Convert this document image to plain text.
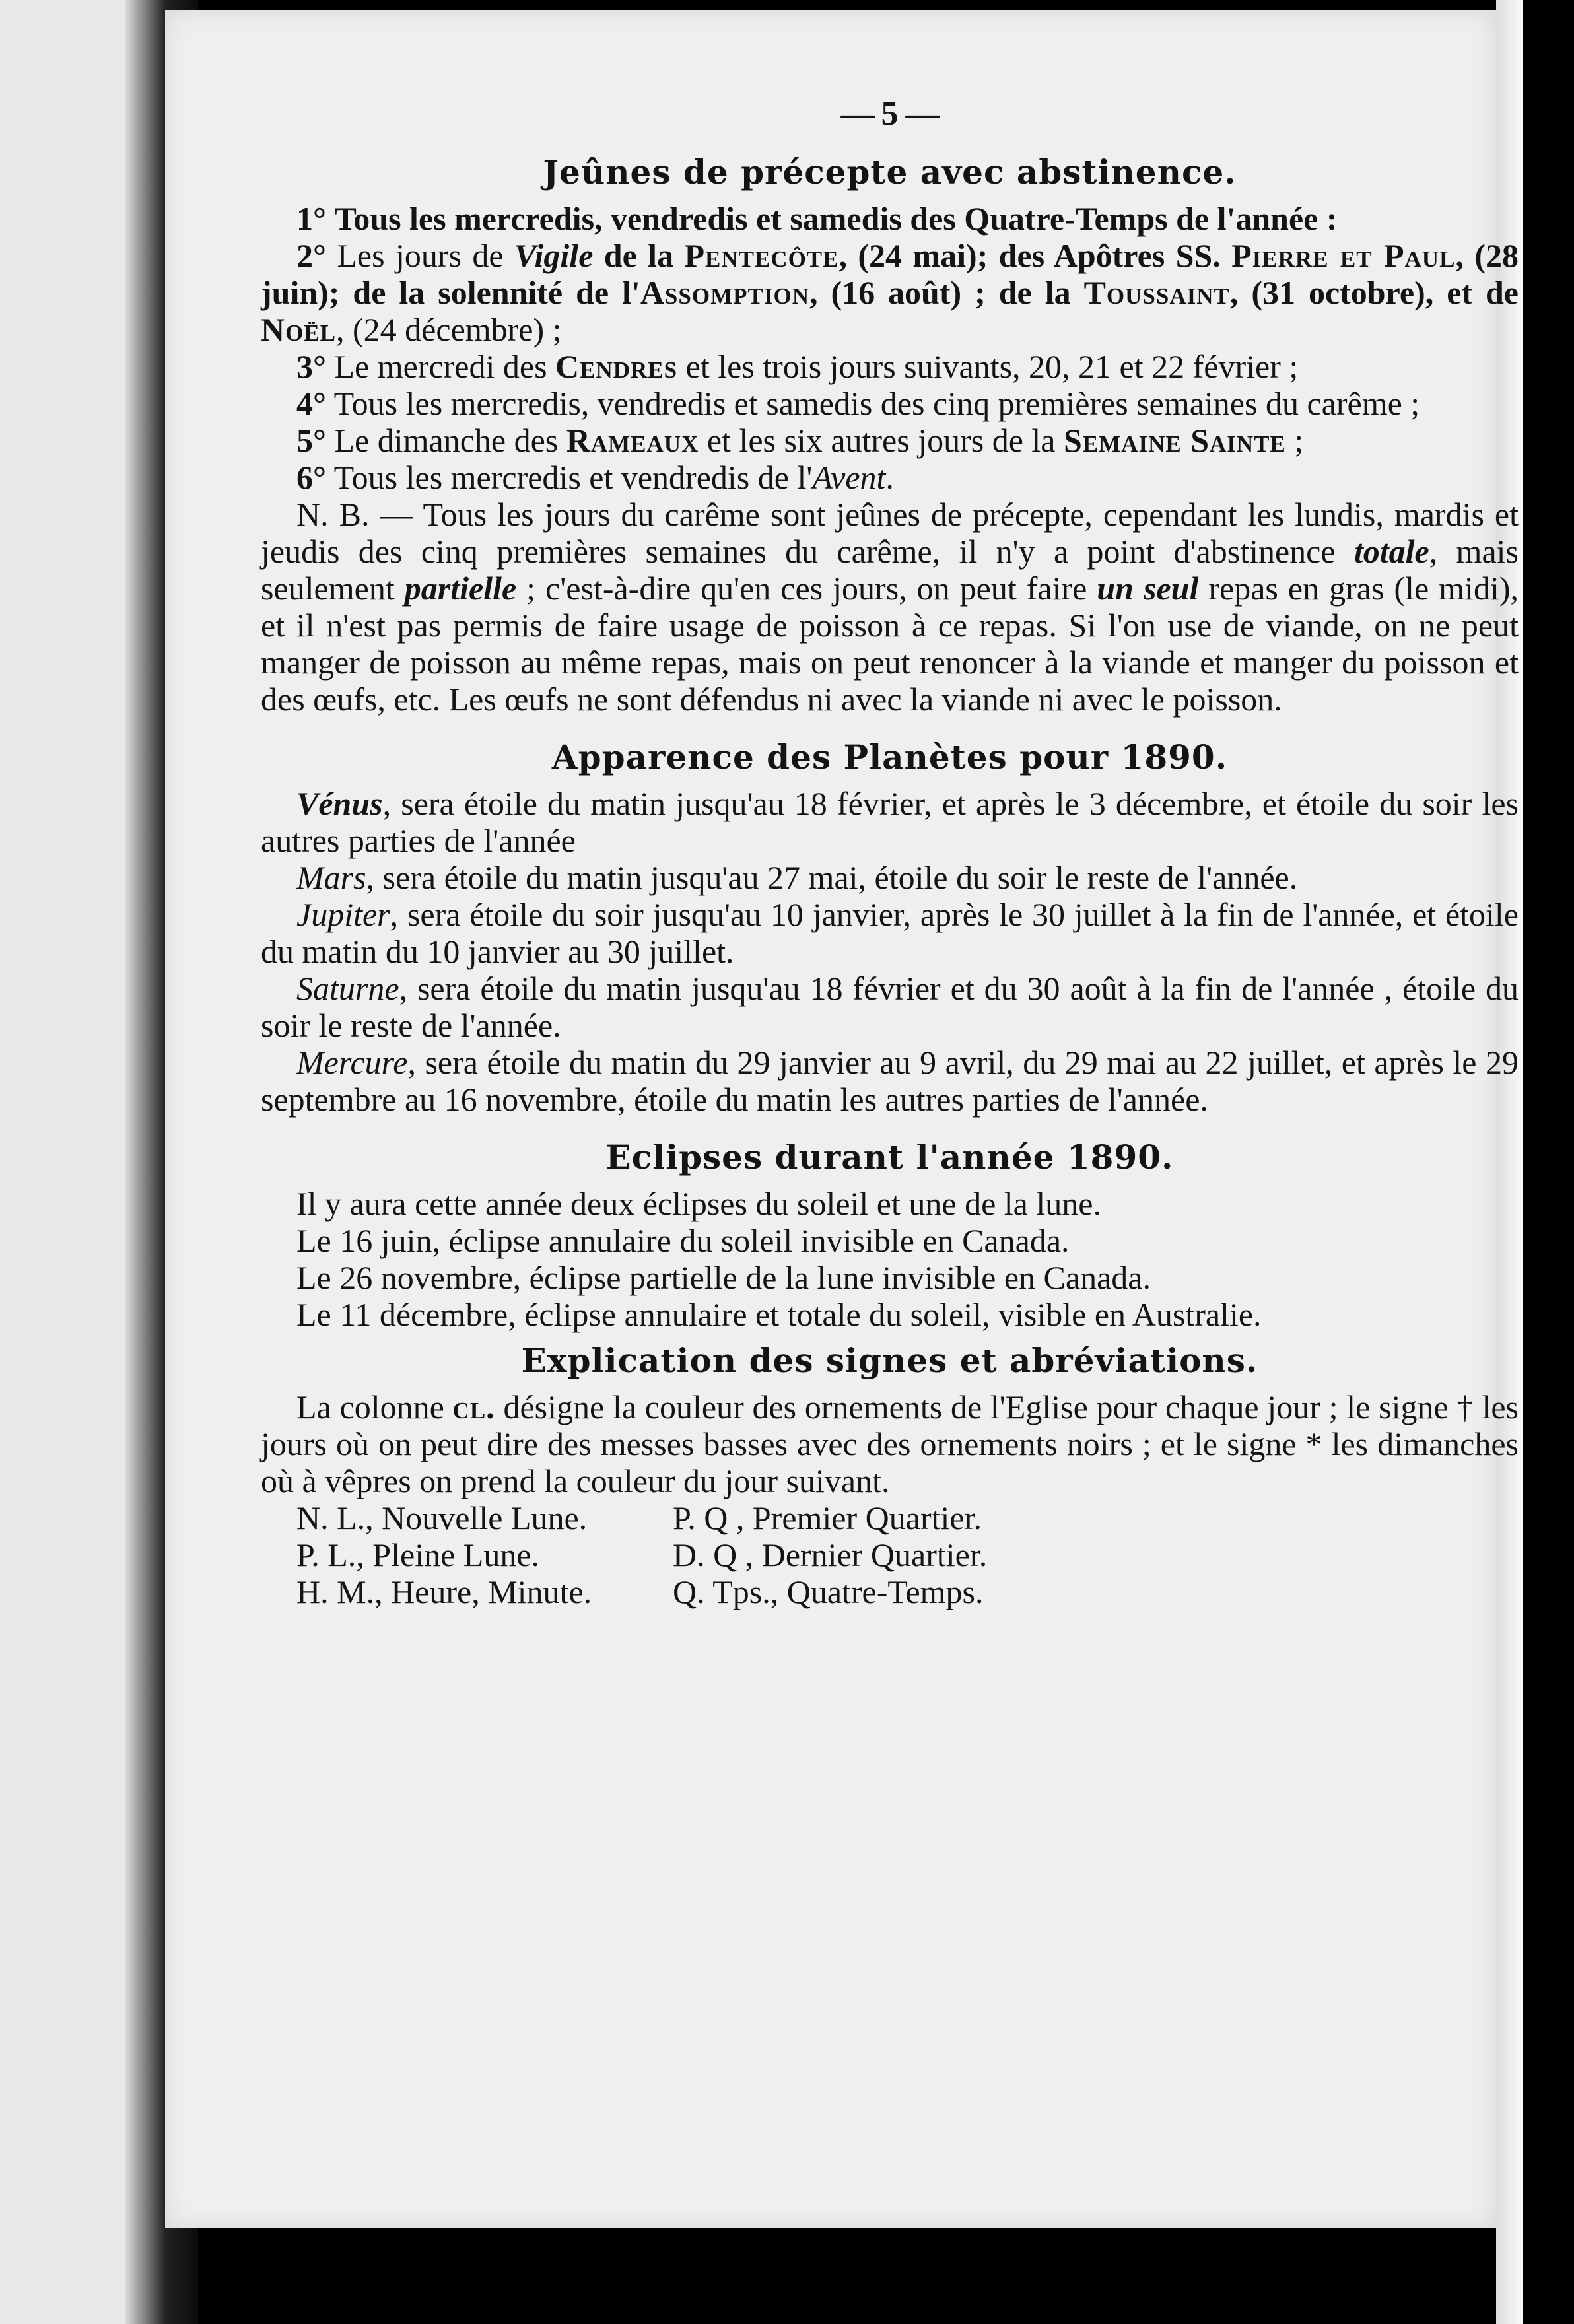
— 5 —
Jeûnes de précepte avec abstinence.

1° Tous les mercredis, vendredis et samedis des Quatre-Temps de l'année :

2° Les jours de Vigile de la Pentecôte, (24 mai); des Apôtres SS. Pierre et Paul, (28 juin); de la solennité de l'Assomption, (16 août) ; de la Toussaint, (31 octobre), et de Noël, (24 décembre) ;

3° Le mercredi des Cendres et les trois jours suivants, 20, 21 et 22 février ;

4° Tous les mercredis, vendredis et samedis des cinq premières semaines du carême ;

5° Le dimanche des Rameaux et les six autres jours de la Semaine Sainte ;

6° Tous les mercredis et vendredis de l'Avent.

N. B. — Tous les jours du carême sont jeûnes de précepte, cependant les lundis, mardis et jeudis des cinq premières semaines du carême, il n'y a point d'abstinence totale, mais seulement partielle ; c'est-à-dire qu'en ces jours, on peut faire un seul repas en gras (le midi), et il n'est pas permis de faire usage de poisson à ce repas. Si l'on use de viande, on ne peut manger de poisson au même repas, mais on peut renoncer à la viande et manger du poisson et des œufs, etc. Les œufs ne sont défendus ni avec la viande ni avec le poisson.

Apparence des Planètes pour 1890.

Vénus, sera étoile du matin jusqu'au 18 février, et après le 3 décembre, et étoile du soir les autres parties de l'année

Mars, sera étoile du matin jusqu'au 27 mai, étoile du soir le reste de l'année.

Jupiter, sera étoile du soir jusqu'au 10 janvier, après le 30 juillet à la fin de l'année, et étoile du matin du 10 janvier au 30 juillet.

Saturne, sera étoile du matin jusqu'au 18 février et du 30 août à la fin de l'année , étoile du soir le reste de l'année.

Mercure, sera étoile du matin du 29 janvier au 9 avril, du 29 mai au 22 juillet, et après le 29 septembre au 16 novembre, étoile du matin les autres parties de l'année.

Eclipses durant l'année 1890.

Il y aura cette année deux éclipses du soleil et une de la lune.

Le 16 juin, éclipse annulaire du soleil invisible en Canada.

Le 26 novembre, éclipse partielle de la lune invisible en Canada.

Le 11 décembre, éclipse annulaire et totale du soleil, visible en Australie.

Explication des signes et abréviations.

La colonne cl. désigne la couleur des ornements de l'Eglise pour chaque jour ; le signe † les jours où on peut dire des messes basses avec des ornements noirs ; et le signe * les dimanches où à vêpres on prend la couleur du jour suivant.

N. L., Nouvelle Lune.	P. Q , Premier Quartier.
P. L., Pleine Lune.	D. Q , Dernier Quartier.
H. M., Heure, Minute.	Q. Tps., Quatre-Temps.
